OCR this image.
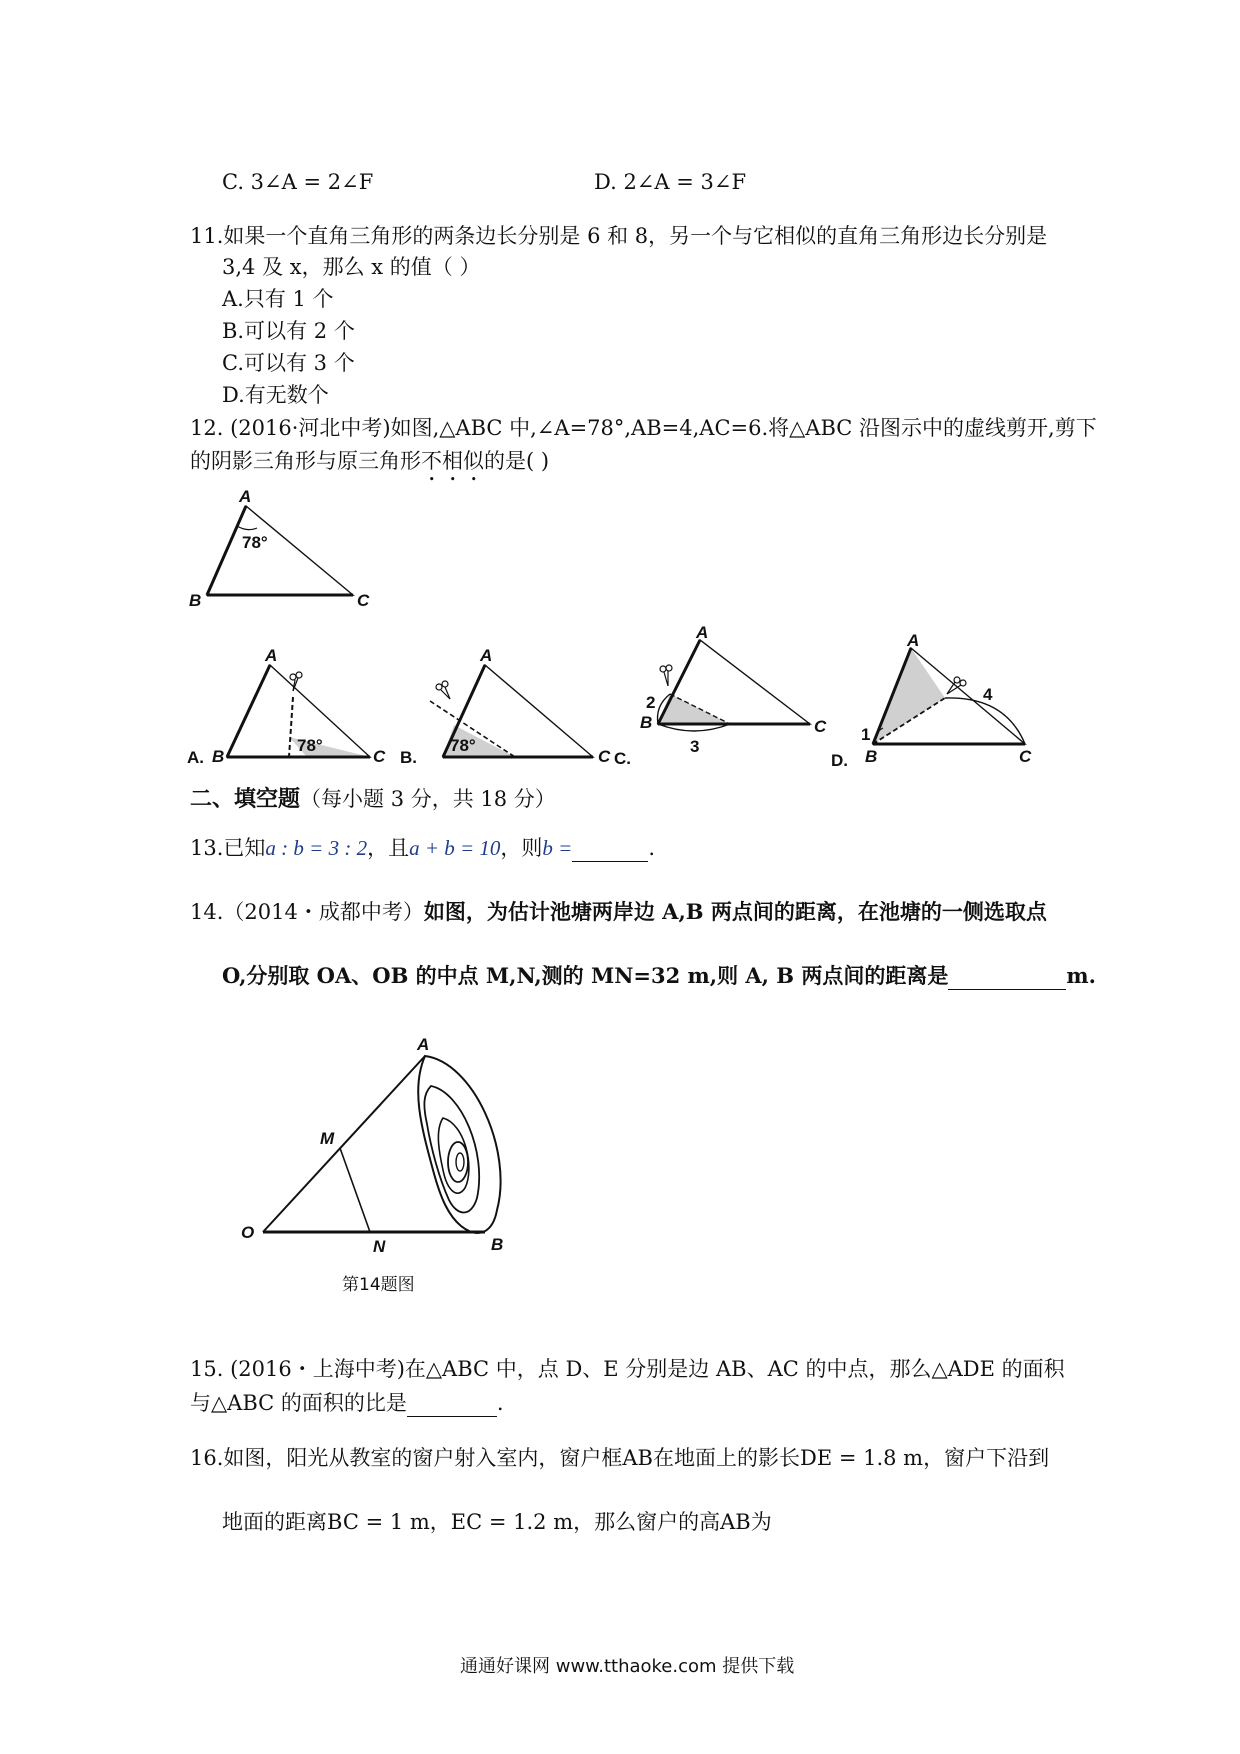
C. 3∠A = 2∠F	D. 2∠A = 3∠F
11.如果一个直角三角形的两条边长分别是 6 和 8，另一个与它相似的直角三角形边长分别是
3,4 及 x，那么 x 的值（ ）
A.只有 1 个
B.可以有 2 个
C.可以有 3 个
D.有无数个
12. (2016·河北中考)如图,△ABC 中,∠A=78°,AB=4,AC=6.将△ABC 沿图示中的虚线剪开,剪下
的阴影三角形与原三角形不相似的是( )
A
B	C
78°
A.
A
B	C
78°
B.
A
78°
C C.
A
B	C
2
3
D.
A
B	C
1
4
二、填空题（每小题 3 分，共 18 分）
13.已知a : b = 3 : 2，且a + b = 10，则b =	.
14.（2014・成都中考）如图，为估计池塘两岸边 A,B 两点间的距离，在池塘的一侧选取点
O,分别取 OA、OB 的中点 M,N,测的 MN=32 m,则 A, B 两点间的距离是	m.
A
M
O
N	B
第14题图
15. (2016・上海中考)在△ABC 中，点 D、E 分别是边 AB、AC 的中点，那么△ADE 的面积
与△ABC 的面积的比是	.
16.如图，阳光从教室的窗户射入室内，窗户框AB在地面上的影长DE = 1.8 m，窗户下沿到
地面的距离BC = 1 m，EC = 1.2 m，那么窗户的高AB为
通通好课网 www.tthaoke.com 提供下载
